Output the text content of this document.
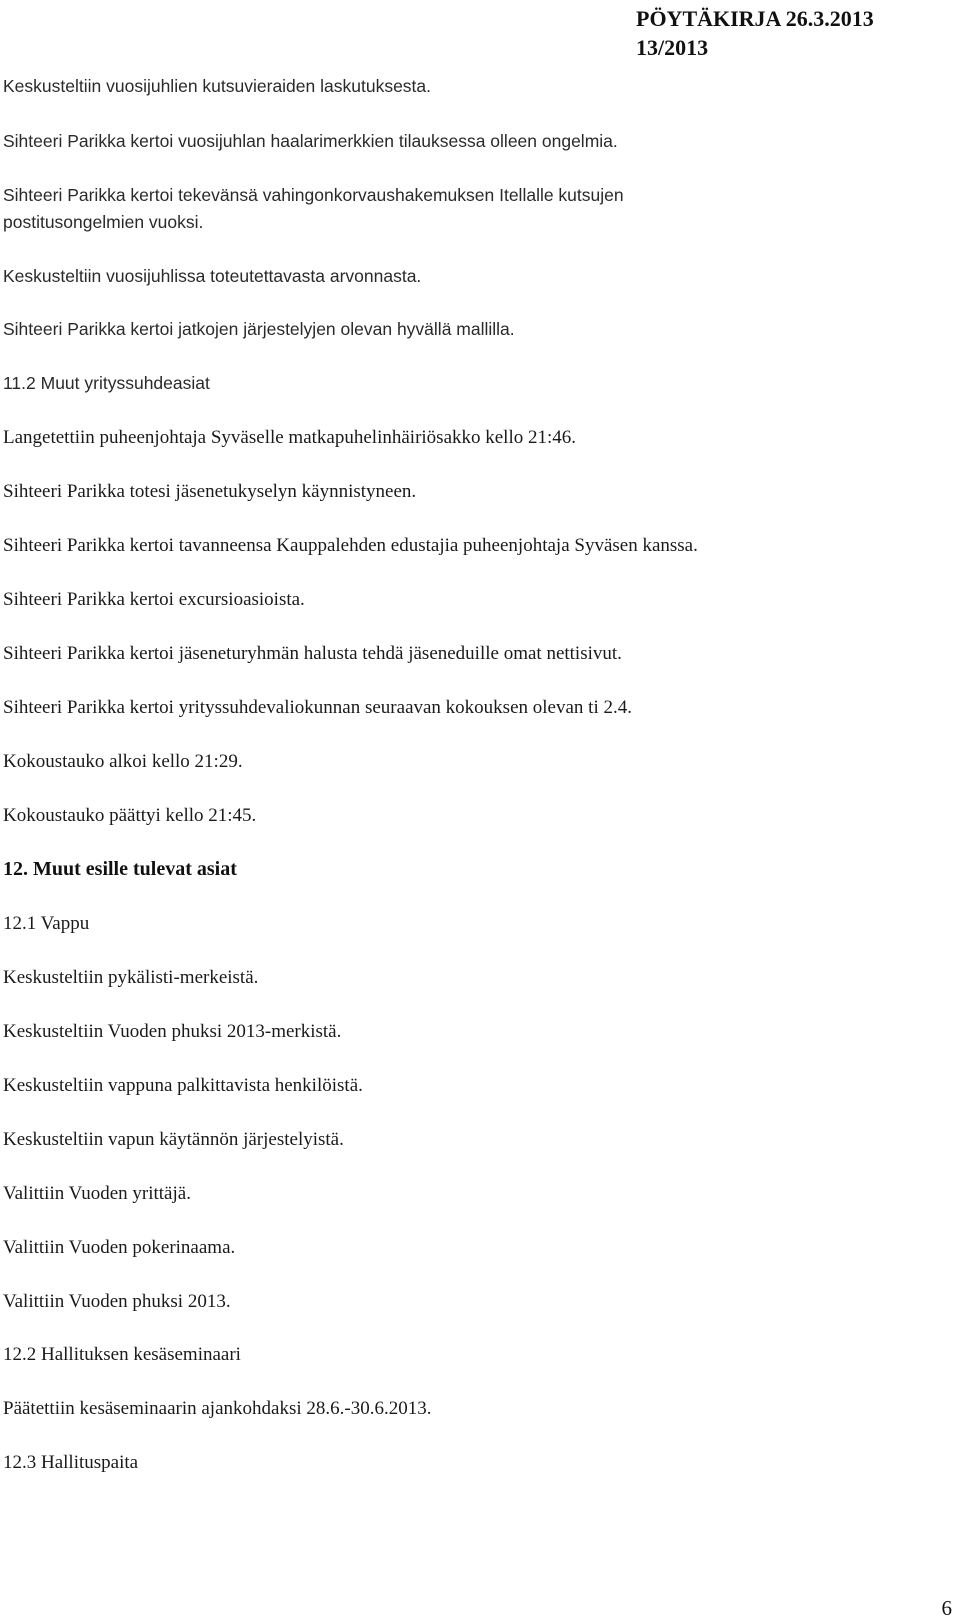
PÖYTÄKIRJA 26.3.2013
13/2013
Keskusteltiin vuosijuhlien kutsuvieraiden laskutuksesta.
Sihteeri Parikka kertoi vuosijuhlan haalarimerkkien tilauksessa olleen ongelmia.
Sihteeri Parikka kertoi tekevänsä vahingonkorvaushakemuksen Itellalle kutsujen
postitusongelmien vuoksi.
Keskusteltiin vuosijuhlissa toteutettavasta arvonnasta.
Sihteeri Parikka kertoi jatkojen järjestelyjen olevan hyvällä mallilla.
11.2 Muut yrityssuhdeasiat
Langetettiin puheenjohtaja Syväselle matkapuhelinhäiriösakko kello 21:46.
Sihteeri Parikka totesi jäsenetukyselyn käynnistyneen.
Sihteeri Parikka kertoi tavanneensa Kauppalehden edustajia puheenjohtaja Syväsen kanssa.
Sihteeri Parikka kertoi excursioasioista.
Sihteeri Parikka kertoi jäseneturyhmän halusta tehdä jäseneduille omat nettisivut.
Sihteeri Parikka kertoi yrityssuhdevaliokunnan seuraavan kokouksen olevan ti 2.4.
Kokoustauko alkoi kello 21:29.
Kokoustauko päättyi kello 21:45.
12. Muut esille tulevat asiat
12.1 Vappu
Keskusteltiin pykälisti-merkeistä.
Keskusteltiin Vuoden phuksi 2013-merkistä.
Keskusteltiin vappuna palkittavista henkilöistä.
Keskusteltiin vapun käytännön järjestelyistä.
Valittiin Vuoden yrittäjä.
Valittiin Vuoden pokerinaama.
Valittiin Vuoden phuksi 2013.
12.2 Hallituksen kesäseminaari
Päätettiin kesäseminaarin ajankohdaksi 28.6.-30.6.2013.
12.3 Hallituspaita
6
